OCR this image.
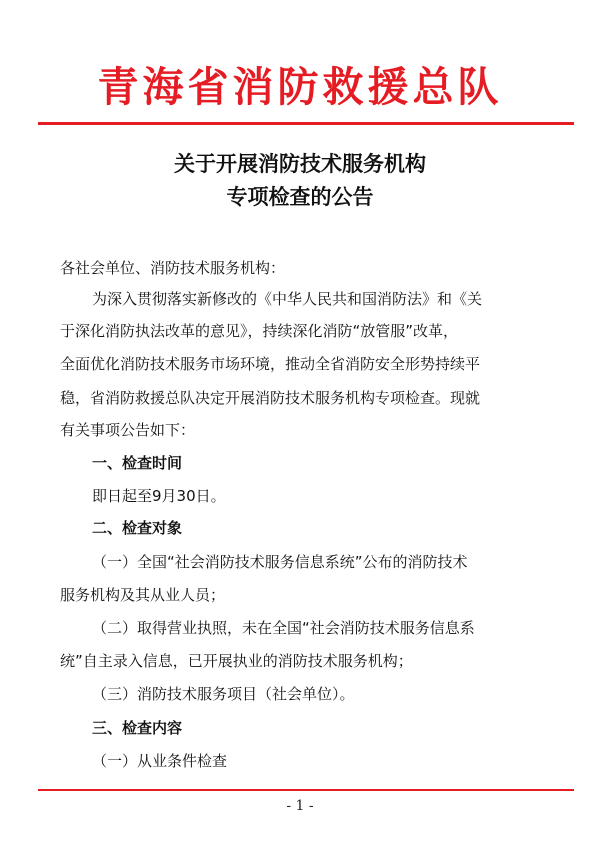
青海省消防救援总队
关于开展消防技术服务机构
专项检查的公告
各社会单位、消防技术服务机构：
为深入贯彻落实新修改的《中华人民共和国消防法》和《关
于深化消防执法改革的意见》，持续深化消防“放管服”改革，
全面优化消防技术服务市场环境，推动全省消防安全形势持续平
稳，省消防救援总队决定开展消防技术服务机构专项检查。现就
有关事项公告如下：
一、检查时间
即日起至9月30日。
二、检查对象
（一）全国“社会消防技术服务信息系统”公布的消防技术
服务机构及其从业人员；
（二）取得营业执照，未在全国“社会消防技术服务信息系
统”自主录入信息，已开展执业的消防技术服务机构；
（三）消防技术服务项目（社会单位）。
三、检查内容
（一）从业条件检查
- 1 -
